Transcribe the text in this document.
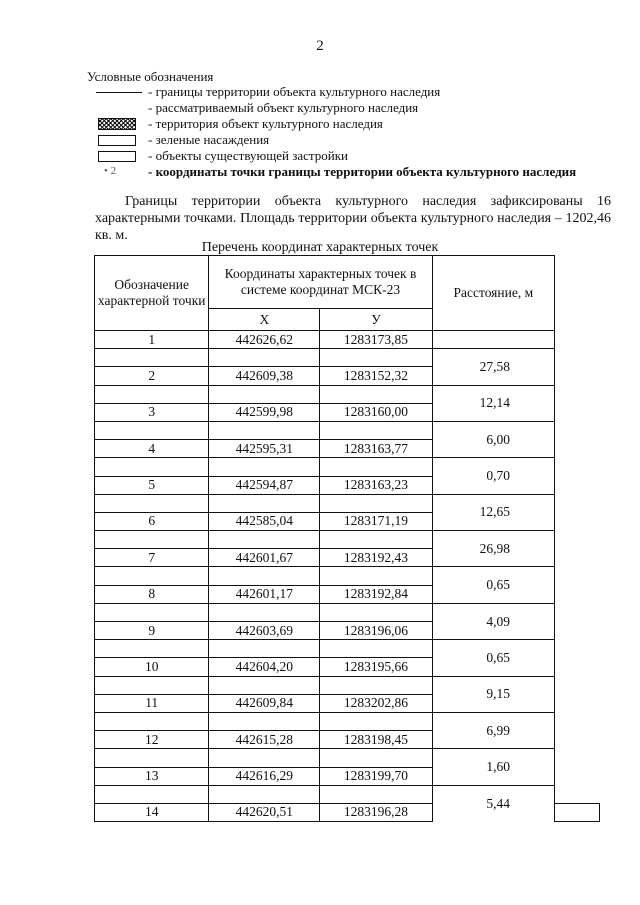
2
Условные обозначения
- границы территории объекта культурного наследия
- рассматриваемый объект культурного наследия
- территория объект культурного наследия
- зеленые насаждения
- объекты существующей застройки
• 2 - координаты точки границы территории объекта культурного наследия
Границы территории объекта культурного наследия зафиксированы 16 характерными точками. Площадь территории объекта культурного наследия – 1202,46 кв. м.
Перечень координат характерных точек
Обозначение характерной точки	Координаты характерных точек в системе координат МСК-23		Расстояние, м	
	X	У		
1	442626,62	1283173,85		
			27,58	
2	442609,38	1283152,32		
			12,14	
3	442599,98	1283160,00		
			6,00	
4	442595,31	1283163,77		
			0,70	
5	442594,87	1283163,23		
			12,65	
6	442585,04	1283171,19		
			26,98	
7	442601,67	1283192,43		
			0,65	
8	442601,17	1283192,84		
			4,09	
9	442603,69	1283196,06		
			0,65	
10	442604,20	1283195,66		
			9,15	
11	442609,84	1283202,86		
			6,99	
12	442615,28	1283198,45		
			1,60	
13	442616,29	1283199,70		
			5,44	
14	442620,51	1283196,28		
